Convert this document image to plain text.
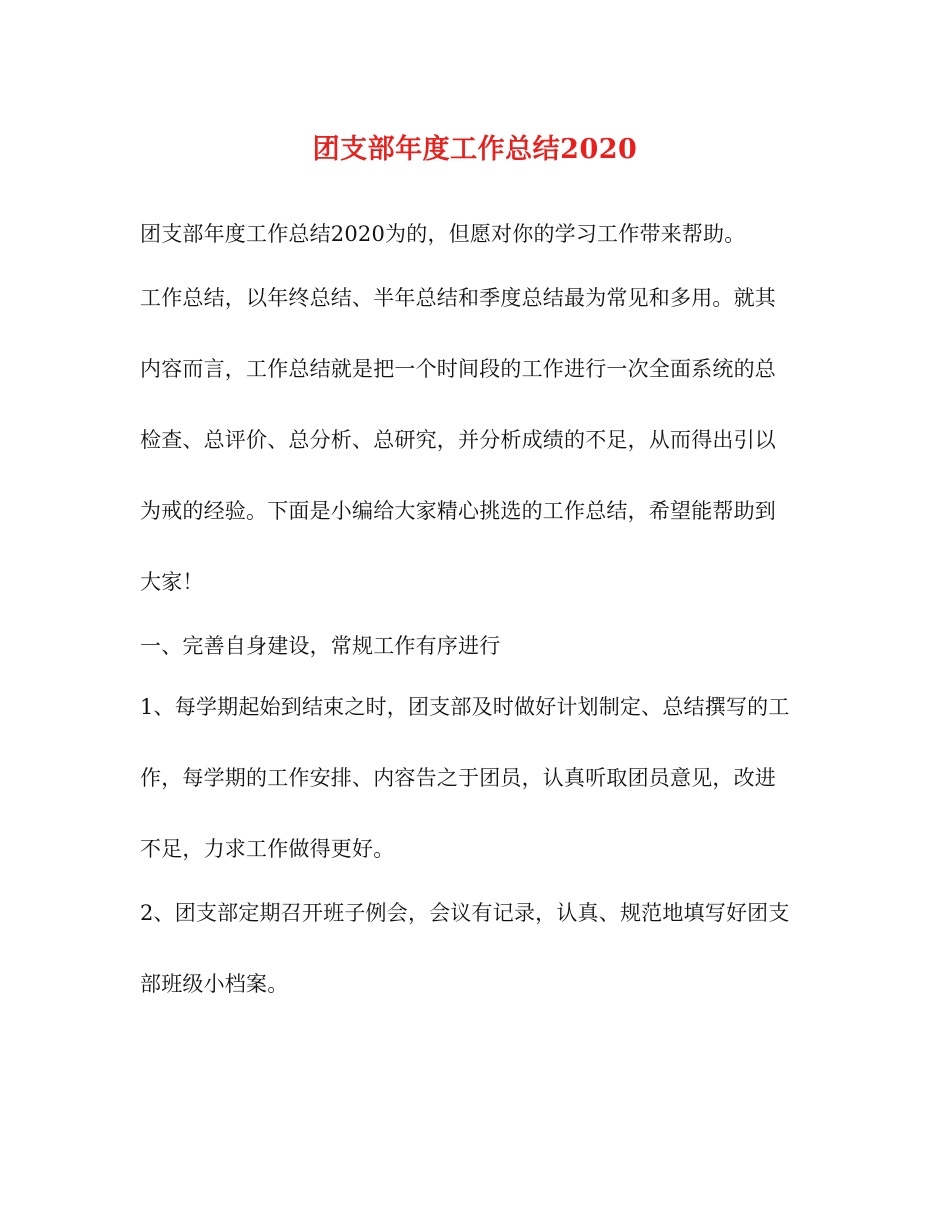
团支部年度工作总结2020

团支部年度工作总结2020为的，但愿对你的学习工作带来帮助。

工作总结，以年终总结、半年总结和季度总结最为常见和多用。就其

内容而言，工作总结就是把一个时间段的工作进行一次全面系统的总

检查、总评价、总分析、总研究，并分析成绩的不足，从而得出引以

为戒的经验。下面是小编给大家精心挑选的工作总结，希望能帮助到

大家！

一、完善自身建设，常规工作有序进行

1、每学期起始到结束之时，团支部及时做好计划制定、总结撰写的工

作，每学期的工作安排、内容告之于团员，认真听取团员意见，改进

不足，力求工作做得更好。

2、团支部定期召开班子例会，会议有记录，认真、规范地填写好团支

部班级小档案。
